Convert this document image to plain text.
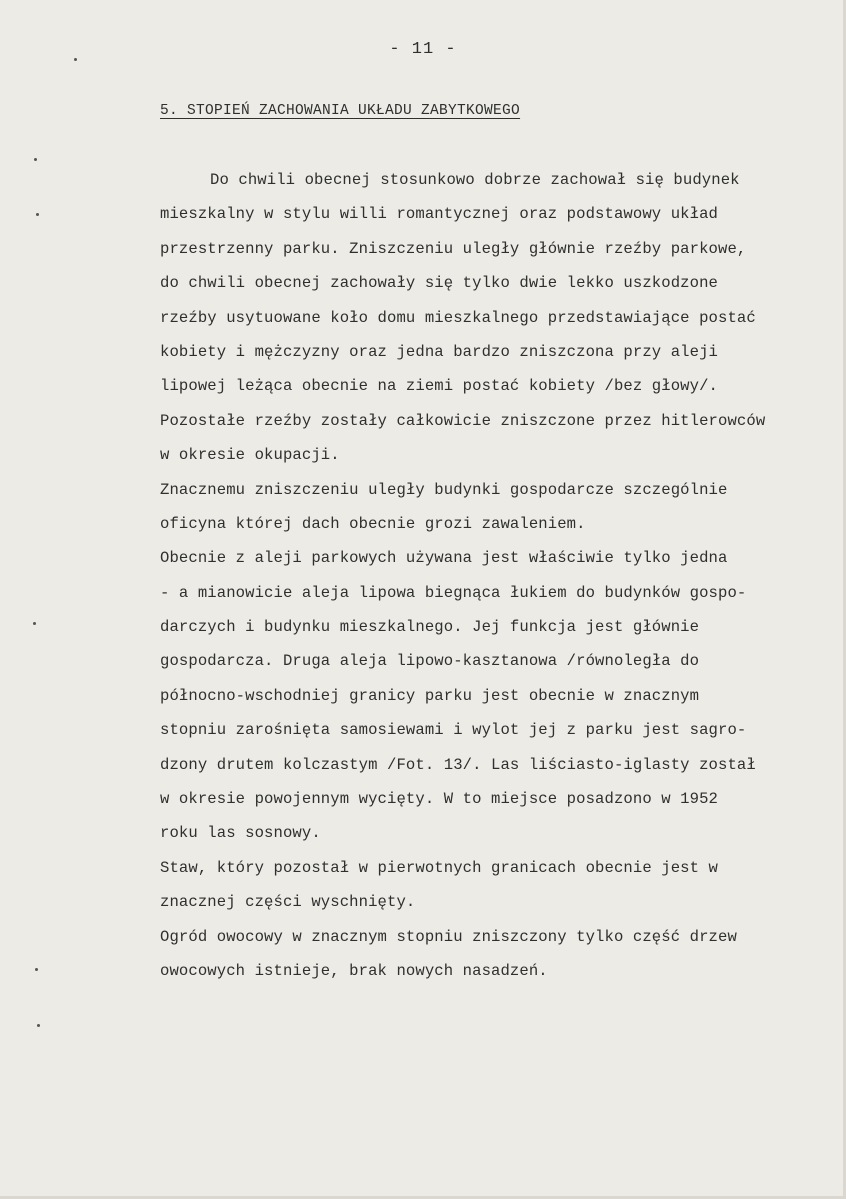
- 11 -
5. STOPIEŃ ZACHOWANIA UKŁADU ZABYTKOWEGO
Do chwili obecnej stosunkowo dobrze zachował się budynek
mieszkalny w stylu willi romantycznej oraz podstawowy układ
przestrzenny parku. Zniszczeniu uległy głównie rzeźby parkowe,
do chwili obecnej zachowały się tylko dwie lekko uszkodzone
rzeźby usytuowane koło domu mieszkalnego przedstawiające postać
kobiety i mężczyzny oraz jedna bardzo zniszczona przy aleji
lipowej leżąca obecnie na ziemi postać kobiety /bez głowy/.
Pozostałe rzeźby zostały całkowicie zniszczone przez hitlerowców
w okresie okupacji.
Znacznemu zniszczeniu uległy budynki gospodarcze szczególnie
oficyna której dach obecnie grozi zawaleniem.
Obecnie z aleji parkowych używana jest właściwie tylko jedna
- a mianowicie aleja lipowa biegnąca łukiem do budynków gospo-
darczych i budynku mieszkalnego. Jej funkcja jest głównie
gospodarcza. Druga aleja lipowo-kasztanowa /równoległa do
północno-wschodniej granicy parku jest obecnie w znacznym
stopniu zarośnięta samosiewami i wylot jej z parku jest sagro-
dzony drutem kolczastym /Fot. 13/. Las liściasto-iglasty został
w okresie powojennym wycięty. W to miejsce posadzono w 1952
roku las sosnowy.
Staw, który pozostał w pierwotnych granicach obecnie jest w
znacznej części wyschnięty.
Ogród owocowy w znacznym stopniu zniszczony tylko część drzew
owocowych istnieje, brak nowych nasadzeń.
